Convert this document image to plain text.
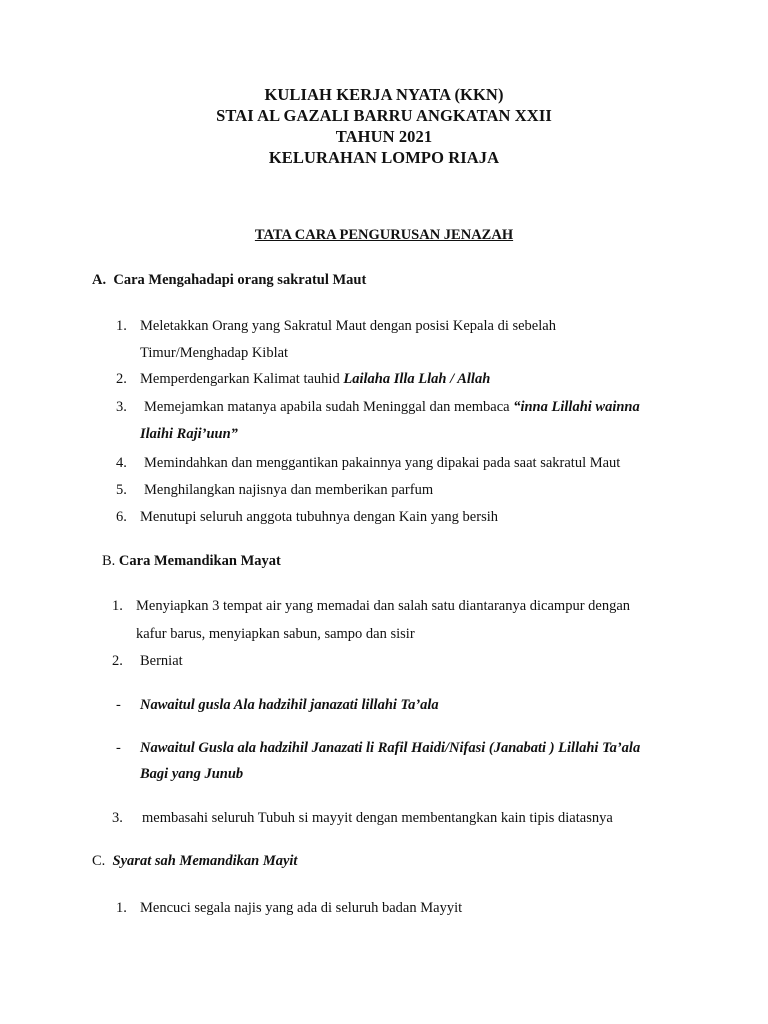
KULIAH KERJA NYATA (KKN)
STAI AL GAZALI BARRU ANGKATAN XXII
TAHUN 2021
KELURAHAN LOMPO RIAJA
TATA CARA PENGURUSAN JENAZAH
A. Cara Mengahadapi orang sakratul Maut
1. Meletakkan Orang yang Sakratul Maut dengan posisi Kepala di sebelah
Timur/Menghadap Kiblat
2. Memperdengarkan Kalimat tauhid Lailaha Illa Llah / Allah
3. Memejamkan matanya apabila sudah Meninggal dan membaca “inna Lillahi wainna
Ilaihi Raji’uun”
4. Memindahkan dan menggantikan pakainnya yang dipakai pada saat sakratul Maut
5. Menghilangkan najisnya dan memberikan parfum
6. Menutupi seluruh anggota tubuhnya dengan Kain yang bersih
B. Cara Memandikan Mayat
1. Menyiapkan 3 tempat air yang memadai dan salah satu diantaranya dicampur dengan
kafur barus, menyiapkan sabun, sampo dan sisir
2. Berniat
- Nawaitul gusla Ala hadzihil janazati lillahi Ta’ala
- Nawaitul Gusla ala hadzihil Janazati li Rafil Haidi/Nifasi (Janabati ) Lillahi Ta’ala
Bagi yang Junub
3. membasahi seluruh Tubuh si mayyit dengan membentangkan kain tipis diatasnya
C. Syarat sah Memandikan Mayit
1. Mencuci segala najis yang ada di seluruh badan Mayyit
